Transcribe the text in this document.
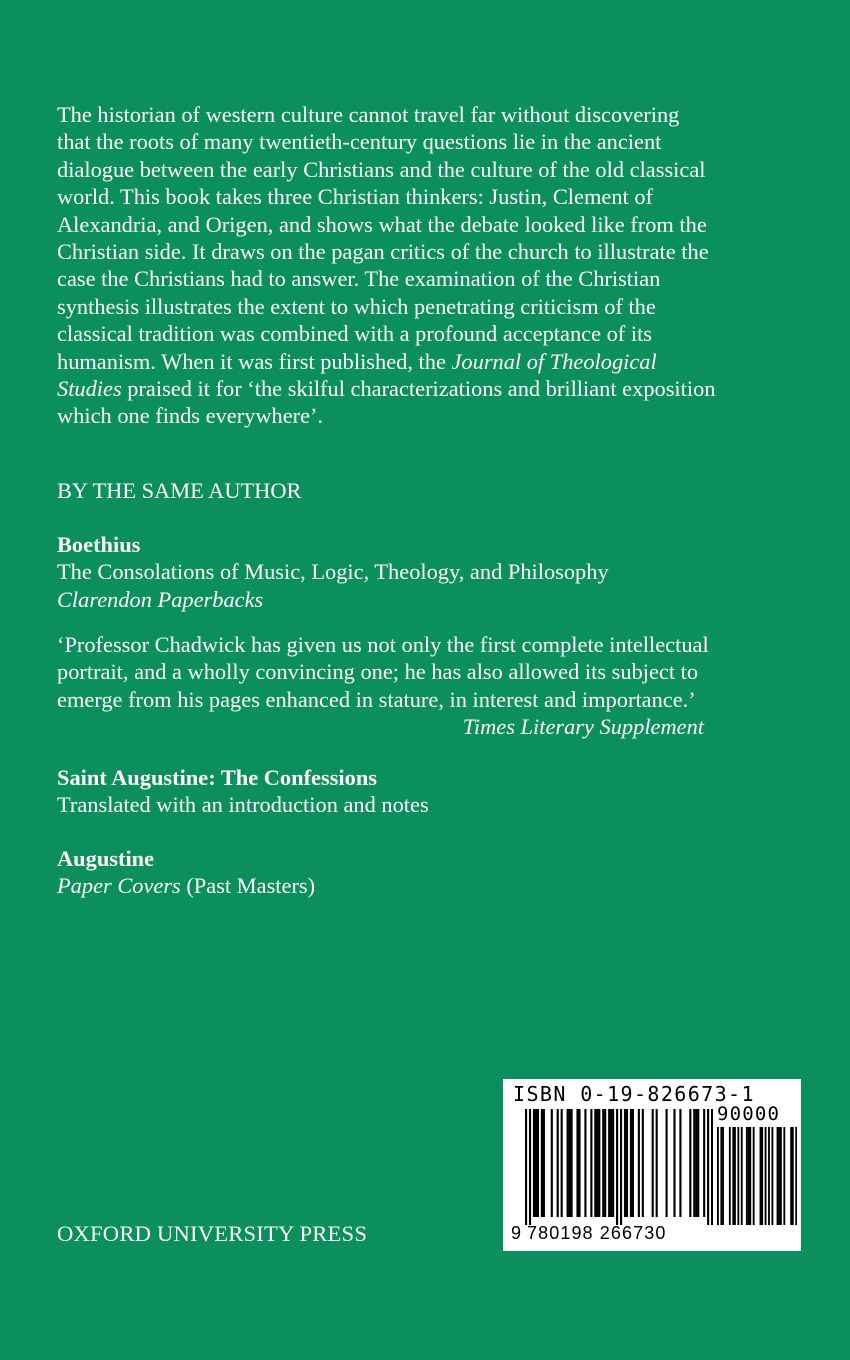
The historian of western culture cannot travel far without discovering that the roots of many twentieth-century questions lie in the ancient dialogue between the early Christians and the culture of the old classical world. This book takes three Christian thinkers: Justin, Clement of Alexandria, and Origen, and shows what the debate looked like from the Christian side. It draws on the pagan critics of the church to illustrate the case the Christians had to answer. The examination of the Christian synthesis illustrates the extent to which penetrating criticism of the classical tradition was combined with a profound acceptance of its humanism. When it was first published, the Journal of Theological Studies praised it for ‘the skilful characterizations and brilliant exposition which one finds everywhere’.

BY THE SAME AUTHOR

Boethius
The Consolations of Music, Logic, Theology, and Philosophy
Clarendon Paperbacks

‘Professor Chadwick has given us not only the first complete intellectual portrait, and a wholly convincing one; he has also allowed its subject to emerge from his pages enhanced in stature, in interest and importance.’
Times Literary Supplement

Saint Augustine: The Confessions
Translated with an introduction and notes

Augustine
Paper Covers (Past Masters)

OXFORD UNIVERSITY PRESS

ISBN 0-19-826673-1
90000
9 780198 266730
